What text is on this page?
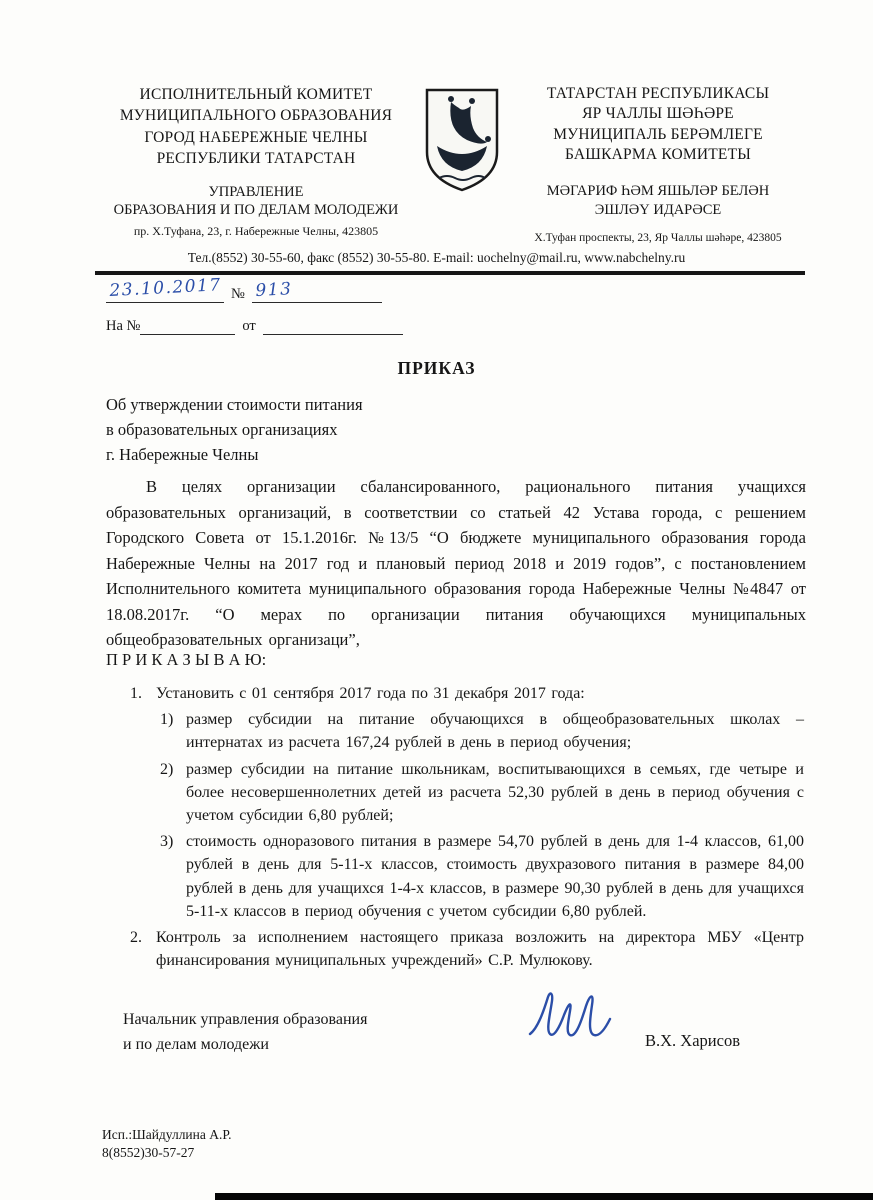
ИСПОЛНИТЕЛЬНЫЙ КОМИТЕТ
МУНИЦИПАЛЬНОГО ОБРАЗОВАНИЯ
ГОРОД НАБЕРЕЖНЫЕ ЧЕЛНЫ
РЕСПУБЛИКИ ТАТАРСТАН
УПРАВЛЕНИЕ
ОБРАЗОВАНИЯ И ПО ДЕЛАМ МОЛОДЕЖИ
пр. Х.Туфана, 23, г. Набережные Челны, 423805
ТАТАРСТАН РЕСПУБЛИКАСЫ
ЯР ЧАЛЛЫ ШӘҺӘРЕ
МУНИЦИПАЛЬ БЕРӘМЛЕГЕ
БАШКАРМА КОМИТЕТЫ
МӘГАРИФ ҺӘМ ЯШЬЛӘР БЕЛӘН
ЭШЛӘҮ ИДАРӘСЕ
Х.Туфан проспекты, 23, Яр Чаллы шәһәре, 423805
Тел.(8552) 30-55-60, факс (8552) 30-55-80. E-mail: uochelny@mail.ru, www.nabchelny.ru
23.10.2017 № 913
На №	от
ПРИКАЗ
Об утверждении стоимости питания
в образовательных организациях
г. Набережные Челны
В целях организации сбалансированного, рационального питания учащихся образовательных организаций, в соответствии со статьей 42 Устава города, с решением Городского Совета от 15.1.2016г. №13/5 “О бюджете муниципального образования города Набережные Челны на 2017 год и плановый период 2018 и 2019 годов”, с постановлением Исполнительного комитета муниципального образования города Набережные Челны №4847 от 18.08.2017г. “О мерах по организации питания обучающихся муниципальных общеобразовательных организаци”,
П Р И К А З Ы В А Ю:
1. Установить с 01 сентября 2017 года по 31 декабря 2017 года:
1) размер субсидии на питание обучающихся в общеобразовательных школах – интернатах из расчета 167,24 рублей в день в период обучения;
2) размер субсидии на питание школьникам, воспитывающихся в семьях, где четыре и более несовершеннолетних детей из расчета 52,30 рублей в день в период обучения с учетом субсидии 6,80 рублей;
3) стоимость одноразового питания в размере 54,70 рублей в день для 1-4 классов, 61,00 рублей в день для 5-11-х классов, стоимость двухразового питания в размере 84,00 рублей в день для учащихся 1-4-х классов, в размере 90,30 рублей в день для учащихся 5-11-х классов в период обучения с учетом субсидии 6,80 рублей.
2. Контроль за исполнением настоящего приказа возложить на директора МБУ «Центр финансирования муниципальных учреждений» С.Р. Мулюкову.
Начальник управления образования
и по делам молодежи	В.Х. Харисов
Исп.:Шайдуллина А.Р.
8(8552)30-57-27
